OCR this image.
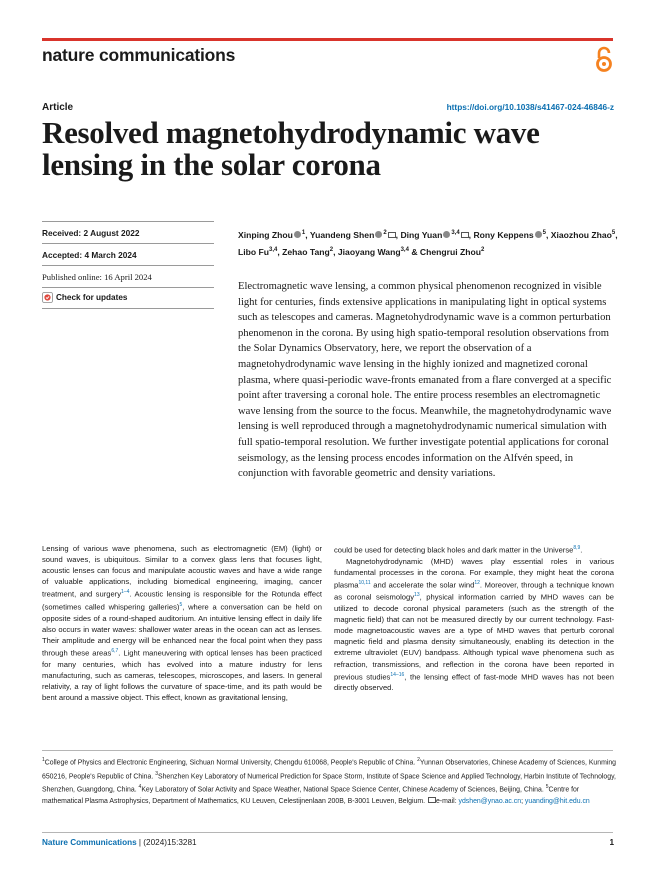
nature communications
Article	https://doi.org/10.1038/s41467-024-46846-z
Resolved magnetohydrodynamic wave lensing in the solar corona
Received: 2 August 2022
Accepted: 4 March 2024
Published online: 16 April 2024
Check for updates
Xinping Zhou $^1$, Yuandeng Shen $^2$ , Ding Yuan $^{3,4}$ , Rony Keppens $^5$, Xiaozhou Zhao$^5$, Libo Fu$^{3,4}$, Zehao Tang$^2$, Jiaoyang Wang$^{3,4}$ & Chengrui Zhou$^2$

Electromagnetic wave lensing, a common physical phenomenon recognized in visible light for centuries, finds extensive applications in manipulating light in optical systems such as telescopes and cameras. Magnetohydrodynamic wave is a common perturbation phenomenon in the corona. By using high spatio-temporal resolution observations from the Solar Dynamics Observatory, here, we report the observation of a magnetohydrodynamic wave lensing in the highly ionized and magnetized coronal plasma, where quasi-periodic wave-fronts emanated from a flare converged at a specific point after traversing a coronal hole. The entire process resembles an electromagnetic wave lensing from the source to the focus. Meanwhile, the magnetohydrodynamic wave lensing is well reproduced through a magnetohydrodynamic numerical simulation with full spatio-temporal resolution. We further investigate potential applications for coronal seismology, as the lensing process encodes information on the Alfvén speed, in conjunction with favorable geometric and density variations.

Lensing of various wave phenomena, such as electromagnetic (EM) (light) or sound waves, is ubiquitous. Similar to a convex glass lens that focuses light, acoustic lenses can focus and manipulate acoustic waves and have a wide range of valuable applications, including biomedical engineering, imaging, cancer treatment, and surgery$^{1-4}$. Acoustic lensing is responsible for the Rotunda effect (sometimes called whispering galleries)$^5$, where a conversation can be held on opposite sides of a round-shaped auditorium. An intuitive lensing effect in daily life also occurs in water waves: shallower water areas in the ocean can act as lenses. Their amplitude and energy will be enhanced near the focal point when they pass through these areas$^{6,7}$. Light maneuvering with optical lenses has been practiced for many centuries, which has evolved into a mature industry for lens manufacturing, such as cameras, telescopes, microscopes, and lasers. In general relativity, a ray of light follows the curvature of space-time, and its path would be bent around a massive object. This effect, known as gravitational lensing,

could be used for detecting black holes and dark matter in the Universe$^{8,9}$.

Magnetohydrodynamic (MHD) waves play essential roles in various fundamental processes in the corona. For example, they might heat the corona plasma$^{10,11}$ and accelerate the solar wind$^{12}$. Moreover, through a technique known as coronal seismology$^{13}$, physical information carried by MHD waves can be utilized to decode coronal physical parameters (such as the strength of the magnetic field) that can not be measured directly by our current technology. Fast-mode magnetoacoustic waves are a type of MHD waves that perturb coronal magnetic field and plasma density simultaneously, enabling its detection in the extreme ultraviolet (EUV) bandpass. Although typical wave phenomena such as refraction, transmissions, and reflection in the corona have been reported in previous studies$^{14-16}$, the lensing effect of fast-mode MHD waves has not been directly observed.

$^1$College of Physics and Electronic Engineering, Sichuan Normal University, Chengdu 610068, People's Republic of China. $^2$Yunnan Observatories, Chinese Academy of Sciences, Kunming 650216, People's Republic of China. $^3$Shenzhen Key Laboratory of Numerical Prediction for Space Storm, Institute of Space Science and Applied Technology, Harbin Institute of Technology, Shenzhen, Guangdong, China. $^4$Key Laboratory of Solar Activity and Space Weather, National Space Science Center, Chinese Academy of Sciences, Beijing, China. $^5$Centre for mathematical Plasma Astrophysics, Department of Mathematics, KU Leuven, Celestijnenlaan 200B, B-3001 Leuven, Belgium. e-mail: ydshen@ynao.ac.cn; yuanding@hit.edu.cn

Nature Communications | (2024)15:3281	1
